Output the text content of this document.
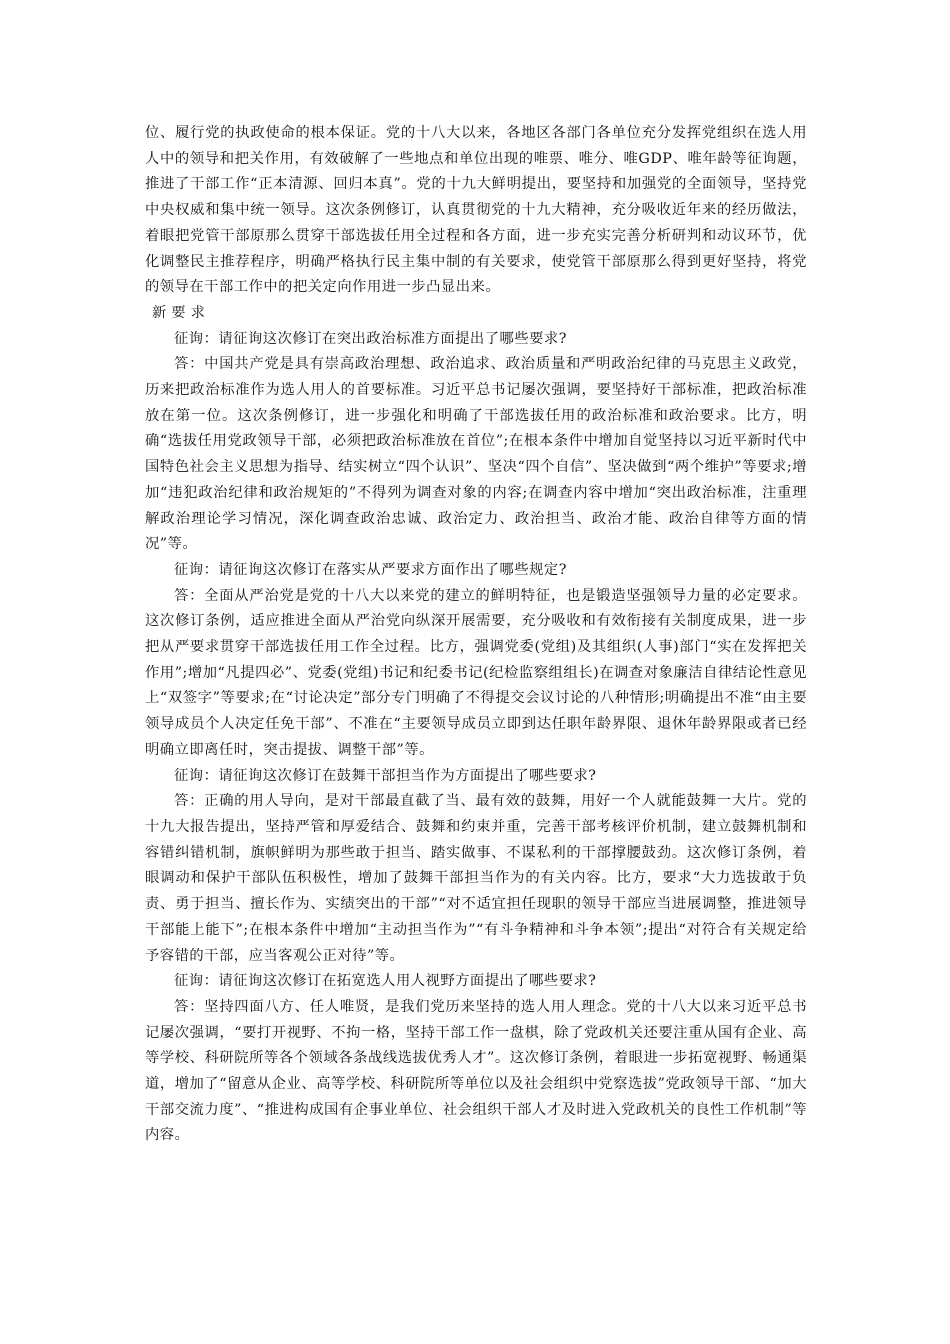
位、履行党的执政使命的根本保证。党的十八大以来，各地区各部门各单位充分发挥党组织在选人用人中的领导和把关作用，有效破解了一些地点和单位出现的唯票、唯分、唯GDP、唯年龄等征询题，推进了干部工作“正本清源、回归本真”。党的十九大鲜明提出，要坚持和加强党的全面领导，坚持党中央权威和集中统一领导。这次条例修订，认真贯彻党的十九大精神，充分吸收近年来的经历做法，着眼把党管干部原那么贯穿干部选拔任用全过程和各方面，进一步充实完善分析研判和动议环节，优化调整民主推荐程序，明确严格执行民主集中制的有关要求，使党管干部原那么得到更好坚持，将党的领导在干部工作中的把关定向作用进一步凸显出来。

新要求

征询：请征询这次修订在突出政治标准方面提出了哪些要求?

答：中国共产党是具有崇高政治理想、政治追求、政治质量和严明政治纪律的马克思主义政党，历来把政治标准作为选人用人的首要标准。习近平总书记屡次强调，要坚持好干部标准，把政治标准放在第一位。这次条例修订，进一步强化和明确了干部选拔任用的政治标准和政治要求。比方，明确“选拔任用党政领导干部，必须把政治标准放在首位”;在根本条件中增加自觉坚持以习近平新时代中国特色社会主义思想为指导、结实树立“四个认识”、坚决“四个自信”、坚决做到“两个维护”等要求;增加“违犯政治纪律和政治规矩的”不得列为调查对象的内容;在调查内容中增加“突出政治标准，注重理解政治理论学习情况，深化调查政治忠诚、政治定力、政治担当、政治才能、政治自律等方面的情况”等。

征询：请征询这次修订在落实从严要求方面作出了哪些规定?

答：全面从严治党是党的十八大以来党的建立的鲜明特征，也是锻造坚强领导力量的必定要求。这次修订条例，适应推进全面从严治党向纵深开展需要，充分吸收和有效衔接有关制度成果，进一步把从严要求贯穿干部选拔任用工作全过程。比方，强调党委(党组)及其组织(人事)部门“实在发挥把关作用”;增加“凡提四必”、党委(党组)书记和纪委书记(纪检监察组组长)在调查对象廉洁自律结论性意见上“双签字”等要求;在“讨论决定”部分专门明确了不得提交会议讨论的八种情形;明确提出不准“由主要领导成员个人决定任免干部”、不准在“主要领导成员立即到达任职年龄界限、退休年龄界限或者已经明确立即离任时，突击提拔、调整干部”等。

征询：请征询这次修订在鼓舞干部担当作为方面提出了哪些要求?

答：正确的用人导向，是对干部最直截了当、最有效的鼓舞，用好一个人就能鼓舞一大片。党的十九大报告提出，坚持严管和厚爱结合、鼓舞和约束并重，完善干部考核评价机制，建立鼓舞机制和容错纠错机制，旗帜鲜明为那些敢于担当、踏实做事、不谋私利的干部撑腰鼓劲。这次修订条例，着眼调动和保护干部队伍积极性，增加了鼓舞干部担当作为的有关内容。比方，要求“大力选拔敢于负责、勇于担当、擅长作为、实绩突出的干部”“对不适宜担任现职的领导干部应当进展调整，推进领导干部能上能下”;在根本条件中增加“主动担当作为”“有斗争精神和斗争本领”;提出“对符合有关规定给予容错的干部，应当客观公正对待”等。

征询：请征询这次修订在拓宽选人用人视野方面提出了哪些要求?

答：坚持四面八方、任人唯贤，是我们党历来坚持的选人用人理念。党的十八大以来习近平总书记屡次强调，“要打开视野、不拘一格，坚持干部工作一盘棋，除了党政机关还要注重从国有企业、高等学校、科研院所等各个领域各条战线选拔优秀人才”。这次修订条例，着眼进一步拓宽视野、畅通渠道，增加了“留意从企业、高等学校、科研院所等单位以及社会组织中党察选拔”党政领导干部、“加大干部交流力度”、“推进构成国有企事业单位、社会组织干部人才及时进入党政机关的良性工作机制”等内容。
